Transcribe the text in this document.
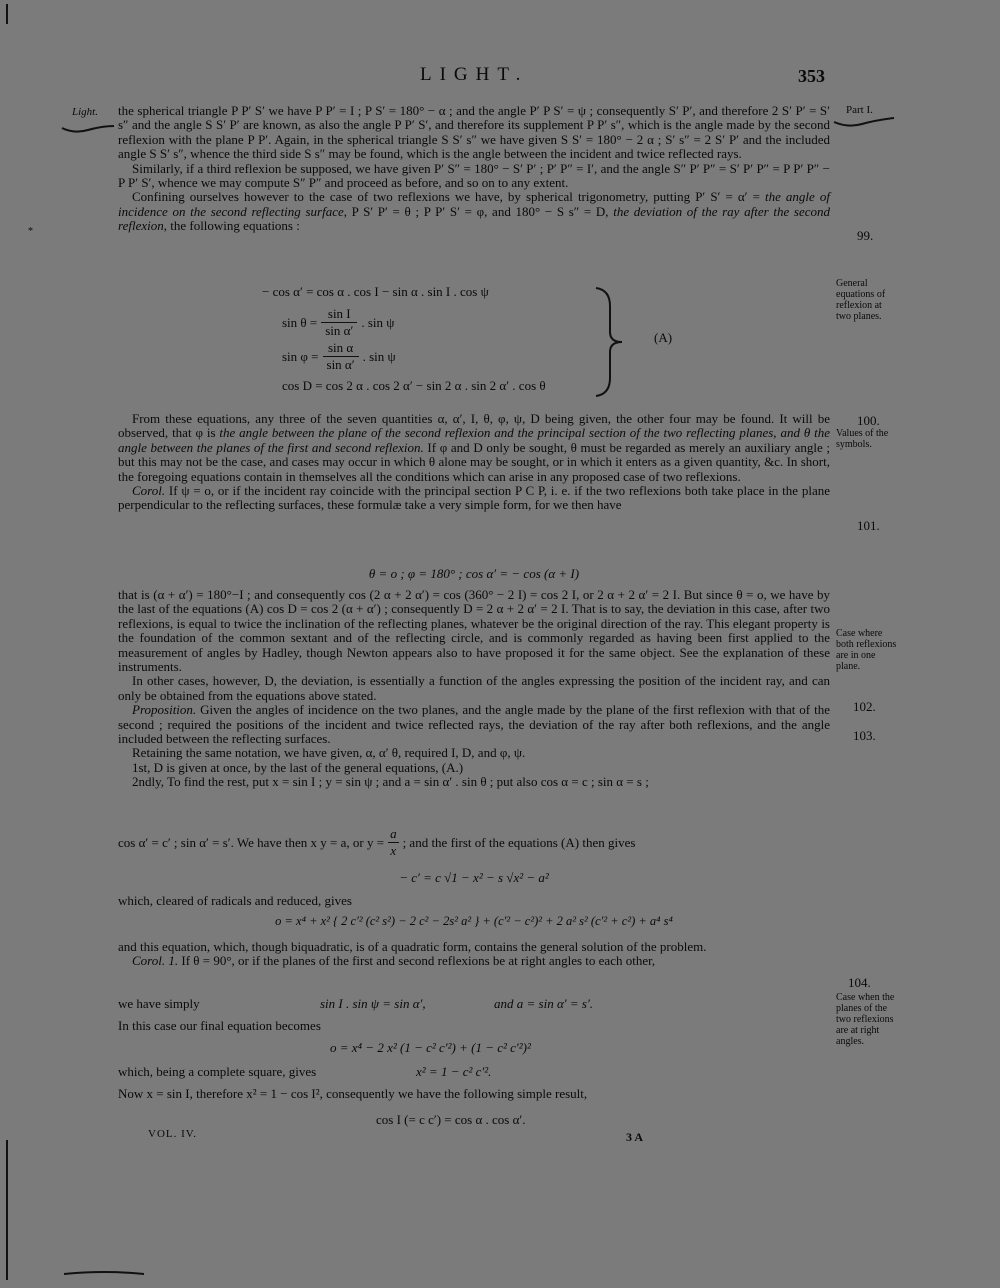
LIGHT.	353
Light.	Part I.
*

the spherical triangle P P′ S′ we have P P′ = I ; P S′ = 180° − α ; and the angle P′ P S′ = ψ ; consequently S′ P′, and therefore 2 S′ P′ = S′ s″ and the angle S S′ P′ are known, as also the angle P P′ S′, and therefore its supplement P P′ s″, which is the angle made by the second reflexion with the plane P P′. Again, in the spherical triangle S S′ s″ we have given S S′ = 180° − 2 α ; S′ s″ = 2 S′ P′ and the included angle S S′ s″, whence the third side S s″ may be found, which is the angle between the incident and twice reflected rays.

Similarly, if a third reflexion be supposed, we have given P′ S″ = 180° − S′ P′ ; P′ P″ = I′, and the angle S″ P′ P″ = S′ P′ P″ = P P′ P″ − P P′ S′, whence we may compute S″ P″ and proceed as before, and so on to any extent.

Confining ourselves however to the case of two reflexions we have, by spherical trigonometry, putting P′ S′ = α′ = the angle of incidence on the second reflecting surface, P S′ P′ = θ ; P P′ S′ = φ, and 180° − S s″ = D, the deviation of the ray after the second reflexion, the following equations :

99.
− cos α′ = cos α . cos I − sin α . sin I . cos ψ
sin θ =	
sin I
sin α′
	. sin ψ
sin φ =	
sin α
sin α′
	. sin ψ
cos D = cos 2 α . cos 2 α′ − sin 2 α . sin 2 α′ . cos θ
(A)
General equations of reflexion at two planes.

From these equations, any three of the seven quantities α, α′, I, θ, φ, ψ, D being given, the other four may be found. It will be observed, that φ is the angle between the plane of the second reflexion and the principal section of the two reflecting planes, and θ the angle between the planes of the first and second reflexion. If φ and D only be sought, θ must be regarded as merely an auxiliary angle ; but this may not be the case, and cases may occur in which θ alone may be sought, or in which it enters as a given quantity, &c. In short, the foregoing equations contain in themselves all the conditions which can arise in any proposed case of two reflexions.

Corol. If ψ = o, or if the incident ray coincide with the principal section P C P, i. e. if the two reflexions both take place in the plane perpendicular to the reflecting surfaces, these formulæ take a very simple form, for we then have

100.
Values of the symbols.
101.
θ = o ; φ = 180° ; cos α′ = − cos (α + I)

that is (α + α′) = 180°−I ; and consequently cos (2 α + 2 α′) = cos (360° − 2 I) = cos 2 I, or 2 α + 2 α′ = 2 I. But since θ = o, we have by the last of the equations (A) cos D = cos 2 (α + α′) ; consequently D = 2 α + 2 α′ = 2 I. That is to say, the deviation in this case, after two reflexions, is equal to twice the inclination of the reflecting planes, whatever be the original direction of the ray. This elegant property is the foundation of the common sextant and of the reflecting circle, and is commonly regarded as having been first applied to the measurement of angles by Hadley, though Newton appears also to have proposed it for the same object. See the explanation of these instruments.

In other cases, however, D, the deviation, is essentially a function of the angles expressing the position of the incident ray, and can only be obtained from the equations above stated.

Proposition. Given the angles of incidence on the two planes, and the angle made by the plane of the first reflexion with that of the second ; required the positions of the incident and twice reflected rays, the deviation of the ray after both reflexions, and the angle included between the reflecting surfaces.

Retaining the same notation, we have given, α, α′ θ, required I, D, and φ, ψ.

1st, D is given at once, by the last of the general equations, (A.)

2ndly, To find the rest, put x = sin I ; y = sin ψ ; and a = sin α′ . sin θ ; put also cos α = c ; sin α = s ;

Case where both reflexions are in one plane.
102.
103.
cos α′ = c′ ; sin α′ = s′. We have then x y = a, or y =	
a
x
	; and the first of the equations (A) then gives
− c′ = c √1 − x² − s √x² − a²
which, cleared of radicals and reduced, gives
o = x⁴ + x² { 2 c′² (c² s²) − 2 c² − 2s² a² } + (c′² − c²)² + 2 a² s² (c′² + c²) + a⁴ s⁴

and this equation, which, though biquadratic, is of a quadratic form, contains the general solution of the problem.

Corol. 1. If θ = 90°, or if the planes of the first and second reflexions be at right angles to each other,

104.
Case when the planes of the two reflexions are at right angles.
we have simply	sin I . sin ψ = sin α′,	and a = sin α′ = s′.
In this case our final equation becomes
o = x⁴ − 2 x² (1 − c² c′²) + (1 − c² c′²)²
which, being a complete square, gives	x² = 1 − c² c′².
Now x = sin I, therefore x² = 1 − cos I², consequently we have the following simple result,
cos I (= c c′) = cos α . cos α′.
VOL. IV.	3 A
